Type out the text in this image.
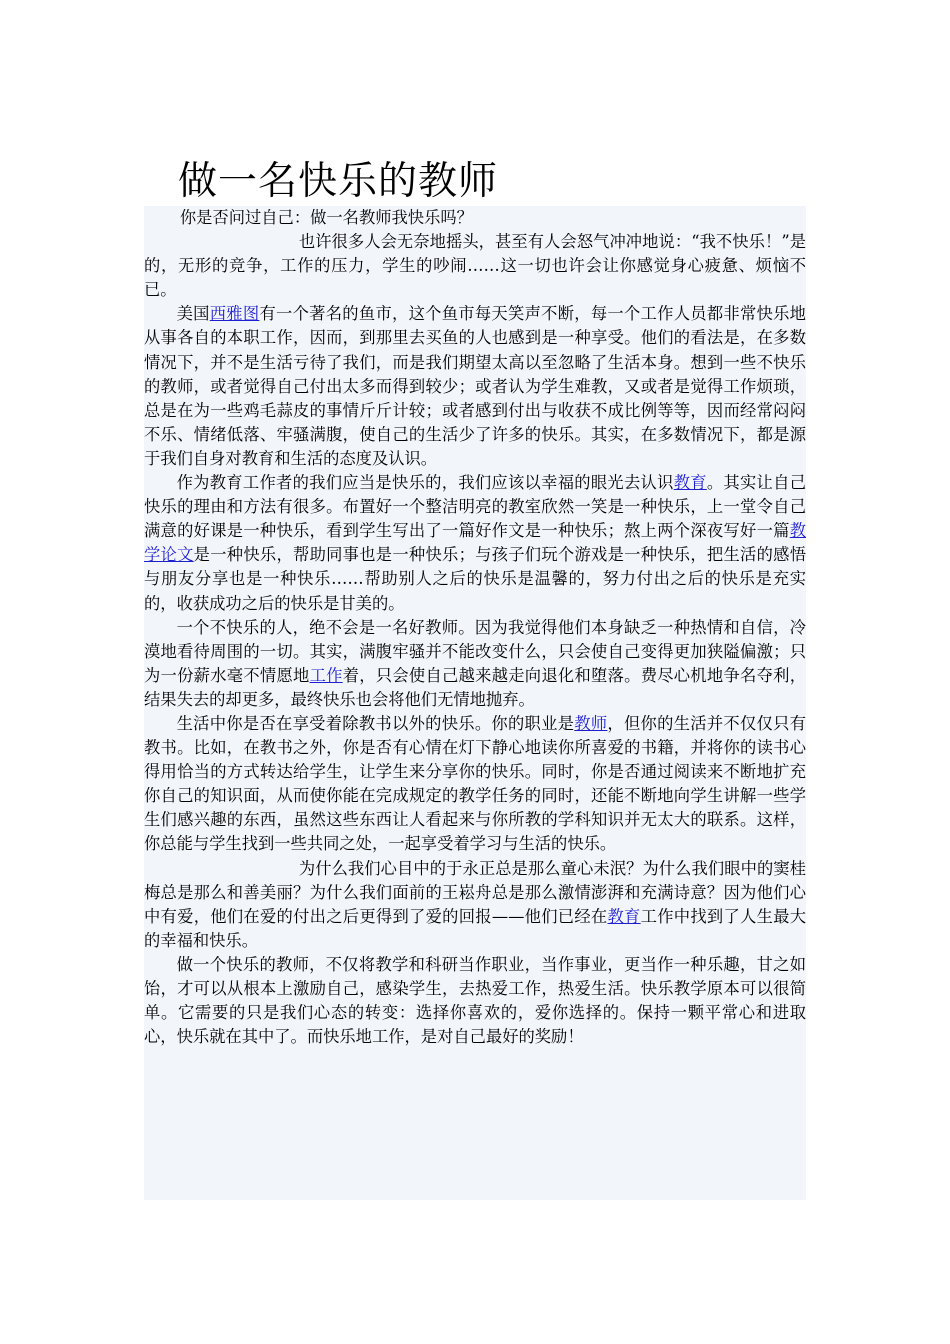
做一名快乐的教师

你是否问过自己：做一名教师我快乐吗？

也许很多人会无奈地摇头，甚至有人会怒气冲冲地说：“我不快乐！”是的，无形的竞争，工作的压力，学生的吵闹……这一切也许会让你感觉身心疲惫、烦恼不已。

美国西雅图有一个著名的鱼市，这个鱼市每天笑声不断，每一个工作人员都非常快乐地从事各自的本职工作，因而，到那里去买鱼的人也感到是一种享受。他们的看法是，在多数情况下，并不是生活亏待了我们，而是我们期望太高以至忽略了生活本身。想到一些不快乐的教师，或者觉得自己付出太多而得到较少；或者认为学生难教，又或者是觉得工作烦琐，总是在为一些鸡毛蒜皮的事情斤斤计较；或者感到付出与收获不成比例等等，因而经常闷闷不乐、情绪低落、牢骚满腹，使自己的生活少了许多的快乐。其实，在多数情况下，都是源于我们自身对教育和生活的态度及认识。

作为教育工作者的我们应当是快乐的，我们应该以幸福的眼光去认识教育。其实让自己快乐的理由和方法有很多。布置好一个整洁明亮的教室欣然一笑是一种快乐，上一堂令自己满意的好课是一种快乐，看到学生写出了一篇好作文是一种快乐；熬上两个深夜写好一篇教学论文是一种快乐，帮助同事也是一种快乐；与孩子们玩个游戏是一种快乐，把生活的感悟与朋友分享也是一种快乐……帮助别人之后的快乐是温馨的，努力付出之后的快乐是充实的，收获成功之后的快乐是甘美的。

一个不快乐的人，绝不会是一名好教师。因为我觉得他们本身缺乏一种热情和自信，冷漠地看待周围的一切。其实，满腹牢骚并不能改变什么，只会使自己变得更加狭隘偏激；只为一份薪水毫不情愿地工作着，只会使自己越来越走向退化和堕落。费尽心机地争名夺利，结果失去的却更多，最终快乐也会将他们无情地抛弃。

生活中你是否在享受着除教书以外的快乐。你的职业是教师，但你的生活并不仅仅只有教书。比如，在教书之外，你是否有心情在灯下静心地读你所喜爱的书籍，并将你的读书心得用恰当的方式转达给学生，让学生来分享你的快乐。同时，你是否通过阅读来不断地扩充你自己的知识面，从而使你能在完成规定的教学任务的同时，还能不断地向学生讲解一些学生们感兴趣的东西，虽然这些东西让人看起来与你所教的学科知识并无太大的联系。这样，你总能与学生找到一些共同之处，一起享受着学习与生活的快乐。

为什么我们心目中的于永正总是那么童心未泯？为什么我们眼中的窦桂梅总是那么和善美丽？为什么我们面前的王崧舟总是那么激情澎湃和充满诗意？因为他们心中有爱，他们在爱的付出之后更得到了爱的回报——他们已经在教育工作中找到了人生最大的幸福和快乐。

做一个快乐的教师，不仅将教学和科研当作职业，当作事业，更当作一种乐趣，甘之如饴，才可以从根本上激励自己，感染学生，去热爱工作，热爱生活。快乐教学原本可以很简单。它需要的只是我们心态的转变：选择你喜欢的，爱你选择的。保持一颗平常心和进取心，快乐就在其中了。而快乐地工作，是对自己最好的奖励！
